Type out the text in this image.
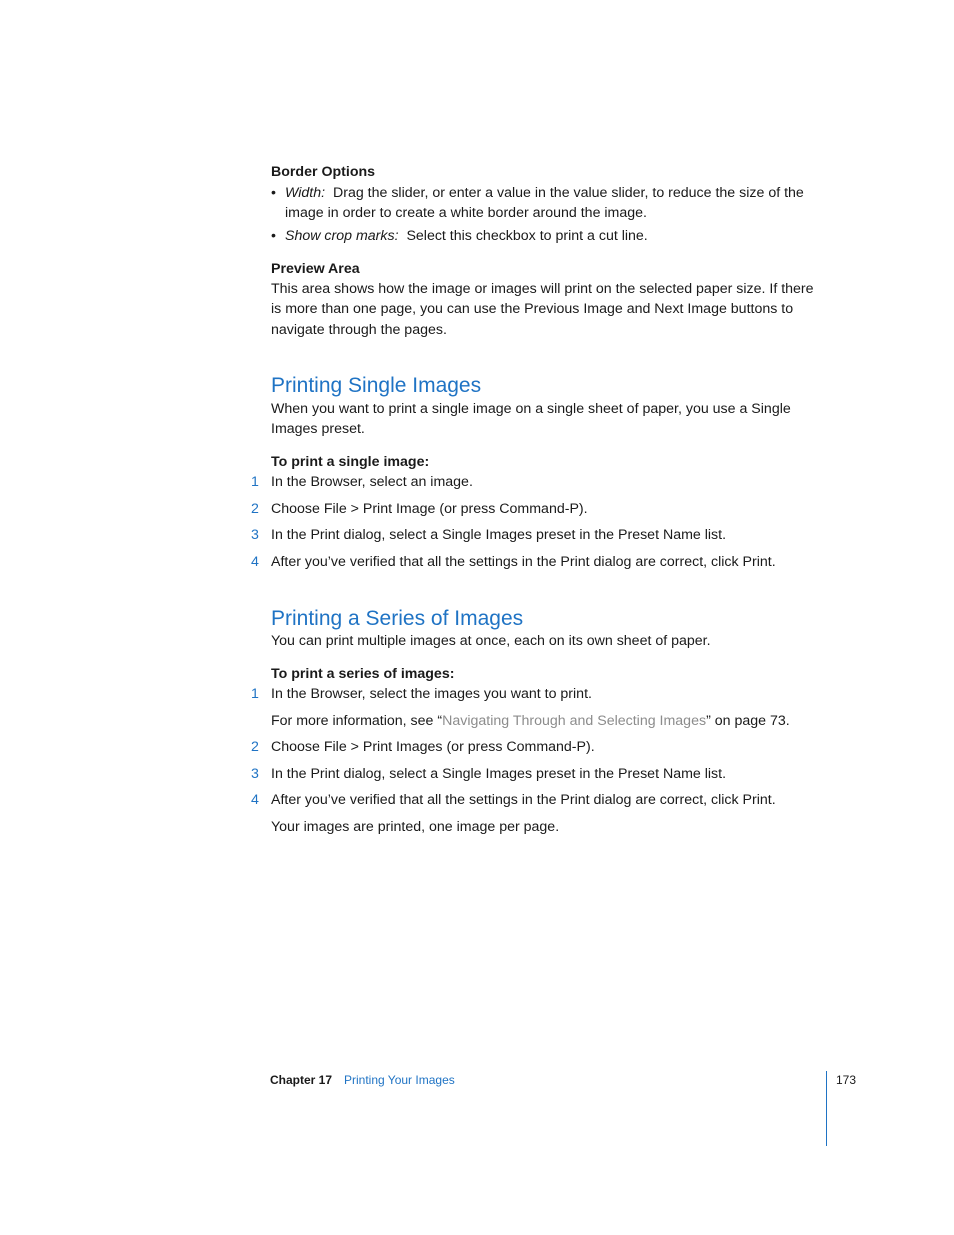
Border Options
• Width: Drag the slider, or enter a value in the value slider, to reduce the size of the
image in order to create a white border around the image.
• Show crop marks: Select this checkbox to print a cut line.
Preview Area
This area shows how the image or images will print on the selected paper size. If there
is more than one page, you can use the Previous Image and Next Image buttons to
navigate through the pages.
Printing Single Images
When you want to print a single image on a single sheet of paper, you use a Single
Images preset.
To print a single image:
1 In the Browser, select an image.
2 Choose File > Print Image (or press Command-P).
3 In the Print dialog, select a Single Images preset in the Preset Name list.
4 After you’ve verified that all the settings in the Print dialog are correct, click Print.
Printing a Series of Images
You can print multiple images at once, each on its own sheet of paper.
To print a series of images:
1 In the Browser, select the images you want to print.
For more information, see “Navigating Through and Selecting Images” on page 73.
2 Choose File > Print Images (or press Command-P).
3 In the Print dialog, select a Single Images preset in the Preset Name list.
4 After you’ve verified that all the settings in the Print dialog are correct, click Print.
Your images are printed, one image per page.
Chapter 17 Printing Your Images	173
